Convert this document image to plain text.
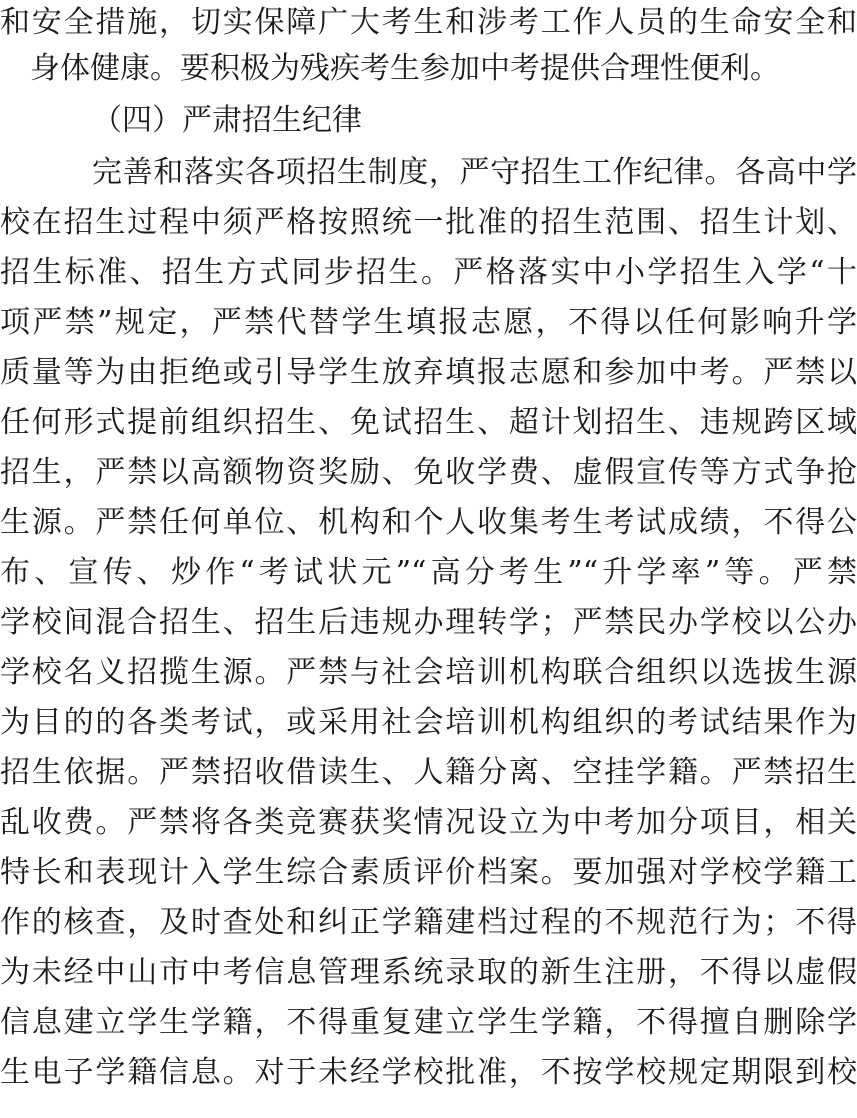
和安全措施，切实保障广大考生和涉考工作人员的生命安全和
身体健康。要积极为残疾考生参加中考提供合理性便利。
（四）严肃招生纪律
完善和落实各项招生制度，严守招生工作纪律。各高中学
校在招生过程中须严格按照统一批准的招生范围、招生计划、
招生标准、招生方式同步招生。严格落实中小学招生入学“十
项严禁”规定，严禁代替学生填报志愿，不得以任何影响升学
质量等为由拒绝或引导学生放弃填报志愿和参加中考。严禁以
任何形式提前组织招生、免试招生、超计划招生、违规跨区域
招生，严禁以高额物资奖励、免收学费、虚假宣传等方式争抢
生源。严禁任何单位、机构和个人收集考生考试成绩，不得公
布、宣传、炒作“考试状元”“高分考生”“升学率”等。严禁
学校间混合招生、招生后违规办理转学；严禁民办学校以公办
学校名义招揽生源。严禁与社会培训机构联合组织以选拔生源
为目的的各类考试，或采用社会培训机构组织的考试结果作为
招生依据。严禁招收借读生、人籍分离、空挂学籍。严禁招生
乱收费。严禁将各类竞赛获奖情况设立为中考加分项目，相关
特长和表现计入学生综合素质评价档案。要加强对学校学籍工
作的核查，及时查处和纠正学籍建档过程的不规范行为；不得
为未经中山市中考信息管理系统录取的新生注册，不得以虚假
信息建立学生学籍，不得重复建立学生学籍，不得擅自删除学
生电子学籍信息。对于未经学校批准，不按学校规定期限到校
